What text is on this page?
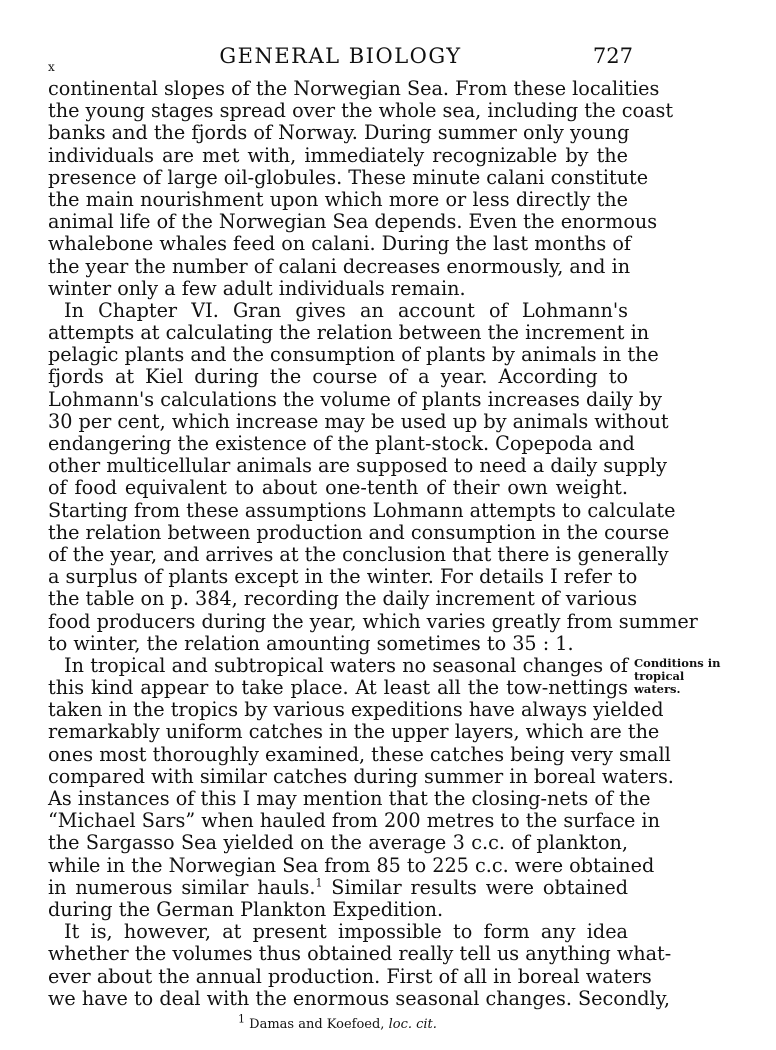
x	GENERAL BIOLOGY	727
continental slopes of the Norwegian Sea. From these localities
the young stages spread over the whole sea, including the coast
banks and the fjords of Norway. During summer only young
individuals are met with, immediately recognizable by the
presence of large oil-globules. These minute calani constitute
the main nourishment upon which more or less directly the
animal life of the Norwegian Sea depends. Even the enormous
whalebone whales feed on calani. During the last months of
the year the number of calani decreases enormously, and in
winter only a few adult individuals remain.
In Chapter VI. Gran gives an account of Lohmann's
attempts at calculating the relation between the increment in
pelagic plants and the consumption of plants by animals in the
fjords at Kiel during the course of a year. According to
Lohmann's calculations the volume of plants increases daily by
30 per cent, which increase may be used up by animals without
endangering the existence of the plant-stock. Copepoda and
other multicellular animals are supposed to need a daily supply
of food equivalent to about one-tenth of their own weight.
Starting from these assumptions Lohmann attempts to calculate
the relation between production and consumption in the course
of the year, and arrives at the conclusion that there is generally
a surplus of plants except in the winter. For details I refer to
the table on p. 384, recording the daily increment of various
food producers during the year, which varies greatly from summer
to winter, the relation amounting sometimes to 35 : 1.
In tropical and subtropical waters no seasonal changes of
this kind appear to take place. At least all the tow-nettings
taken in the tropics by various expeditions have always yielded
remarkably uniform catches in the upper layers, which are the
ones most thoroughly examined, these catches being very small
compared with similar catches during summer in boreal waters.
As instances of this I may mention that the closing-nets of the
“Michael Sars” when hauled from 200 metres to the surface in
the Sargasso Sea yielded on the average 3 c.c. of plankton,
while in the Norwegian Sea from 85 to 225 c.c. were obtained
in numerous similar hauls.$^1$ Similar results were obtained
during the German Plankton Expedition.
It is, however, at present impossible to form any idea
whether the volumes thus obtained really tell us anything what-
ever about the annual production. First of all in boreal waters
we have to deal with the enormous seasonal changes. Secondly,
Conditions in
tropical
waters.
$^1$ Damas and Koefoed, loc. cit.
